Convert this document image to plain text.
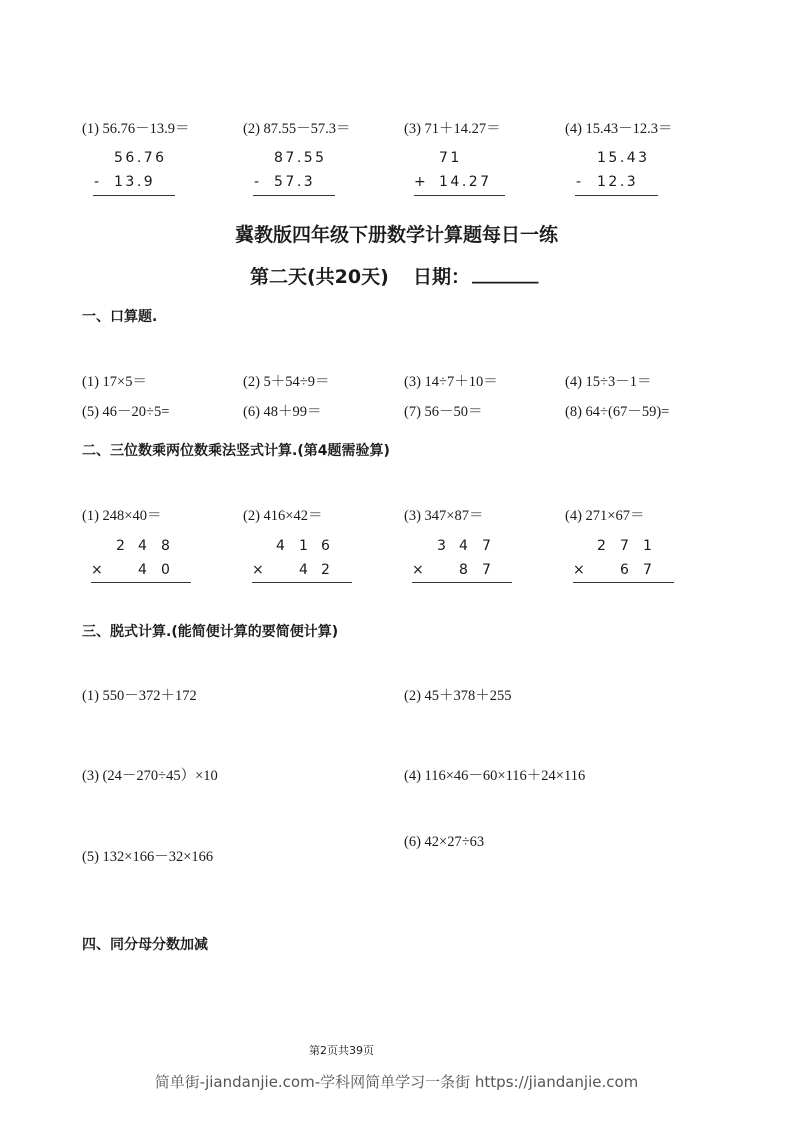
(1) 56.76－13.9＝	(2) 87.55－57.3＝	(3) 71＋14.27＝	(4) 15.43－12.3＝
56.76
- 13.9
87.55
- 57.3
71
+ 14.27
15.43
- 12.3
冀教版四年级下册数学计算题每日一练
第二天(共20天) 日期： _______
一、口算题.
(1) 17×5＝	(2) 5＋54÷9＝	(3) 14÷7＋10＝	(4) 15÷3－1＝
(5) 46－20÷5=	(6) 48＋99＝	(7) 56－50＝	(8) 64÷(67－59)=
二、三位数乘两位数乘法竖式计算.(第4题需验算)
(1) 248×40＝	(2) 416×42＝	(3) 347×87＝	(4) 271×67＝
2 4 8
×	4 0
4 1 6
×	4 2
3 4 7
×	8 7
2 7 1
×	6 7
三、脱式计算.(能简便计算的要简便计算)
(1) 550－372＋172	(2) 45＋378＋255
(3) (24－270÷45）×10	(4) 116×46－60×116＋24×116
(5) 132×166－32×166
(6) 42×27÷63
四、同分母分数加减
第2页共39页
简单街-jiandanjie.com-学科网简单学习一条街 https://jiandanjie.com
